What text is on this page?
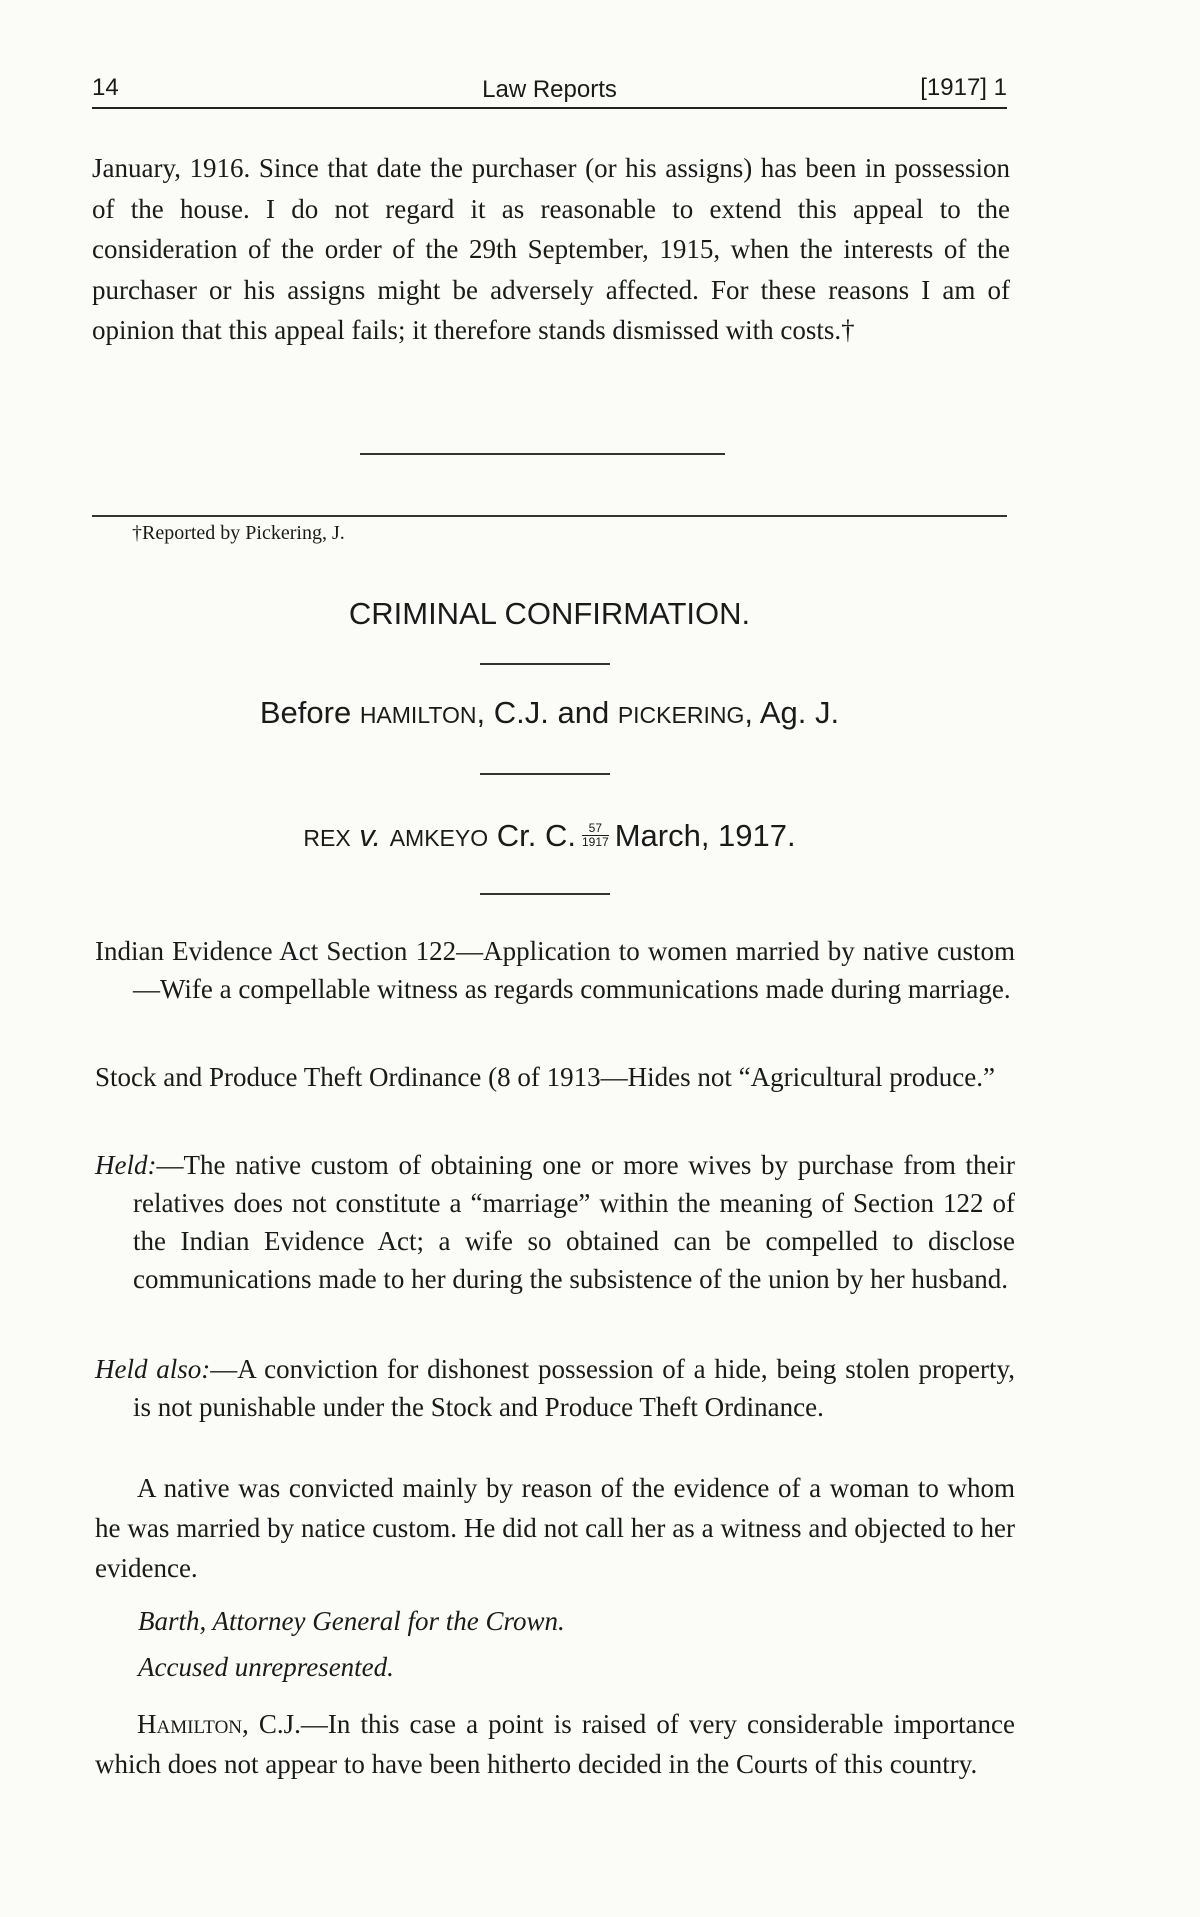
14	Law Reports	[1917] 1

January, 1916. Since that date the purchaser (or his assigns) has been in possession of the house. I do not regard it as reasonable to extend this appeal to the consideration of the order of the 29th September, 1915, when the interests of the purchaser or his assigns might be adversely affected. For these reasons I am of opinion that this appeal fails; it therefore stands dismissed with costs.†

†Reported by Pickering, J.
CRIMINAL CONFIRMATION.
Before HAMILTON, C.J. and PICKERING, Ag. J.
REX v. AMKEYO Cr. C. $\frac{57}{1917}$ March, 1917.
Indian Evidence Act Section 122—Application to women married by native custom—Wife a compellable witness as regards communications made during marriage.
Stock and Produce Theft Ordinance (8 of 1913—Hides not “Agricultural produce.”
Held:—The native custom of obtaining one or more wives by purchase from their relatives does not constitute a “marriage” within the meaning of Section 122 of the Indian Evidence Act; a wife so obtained can be compelled to disclose communications made to her during the subsistence of the union by her husband.
Held also:—A conviction for dishonest possession of a hide, being stolen property, is not punishable under the Stock and Produce Theft Ordinance.

A native was convicted mainly by reason of the evidence of a woman to whom he was married by natice custom. He did not call her as a witness and objected to her evidence.

Barth, Attorney General for the Crown.
Accused unrepresented.

Hamilton, C.J.—In this case a point is raised of very considerable importance which does not appear to have been hitherto decided in the Courts of this country.
